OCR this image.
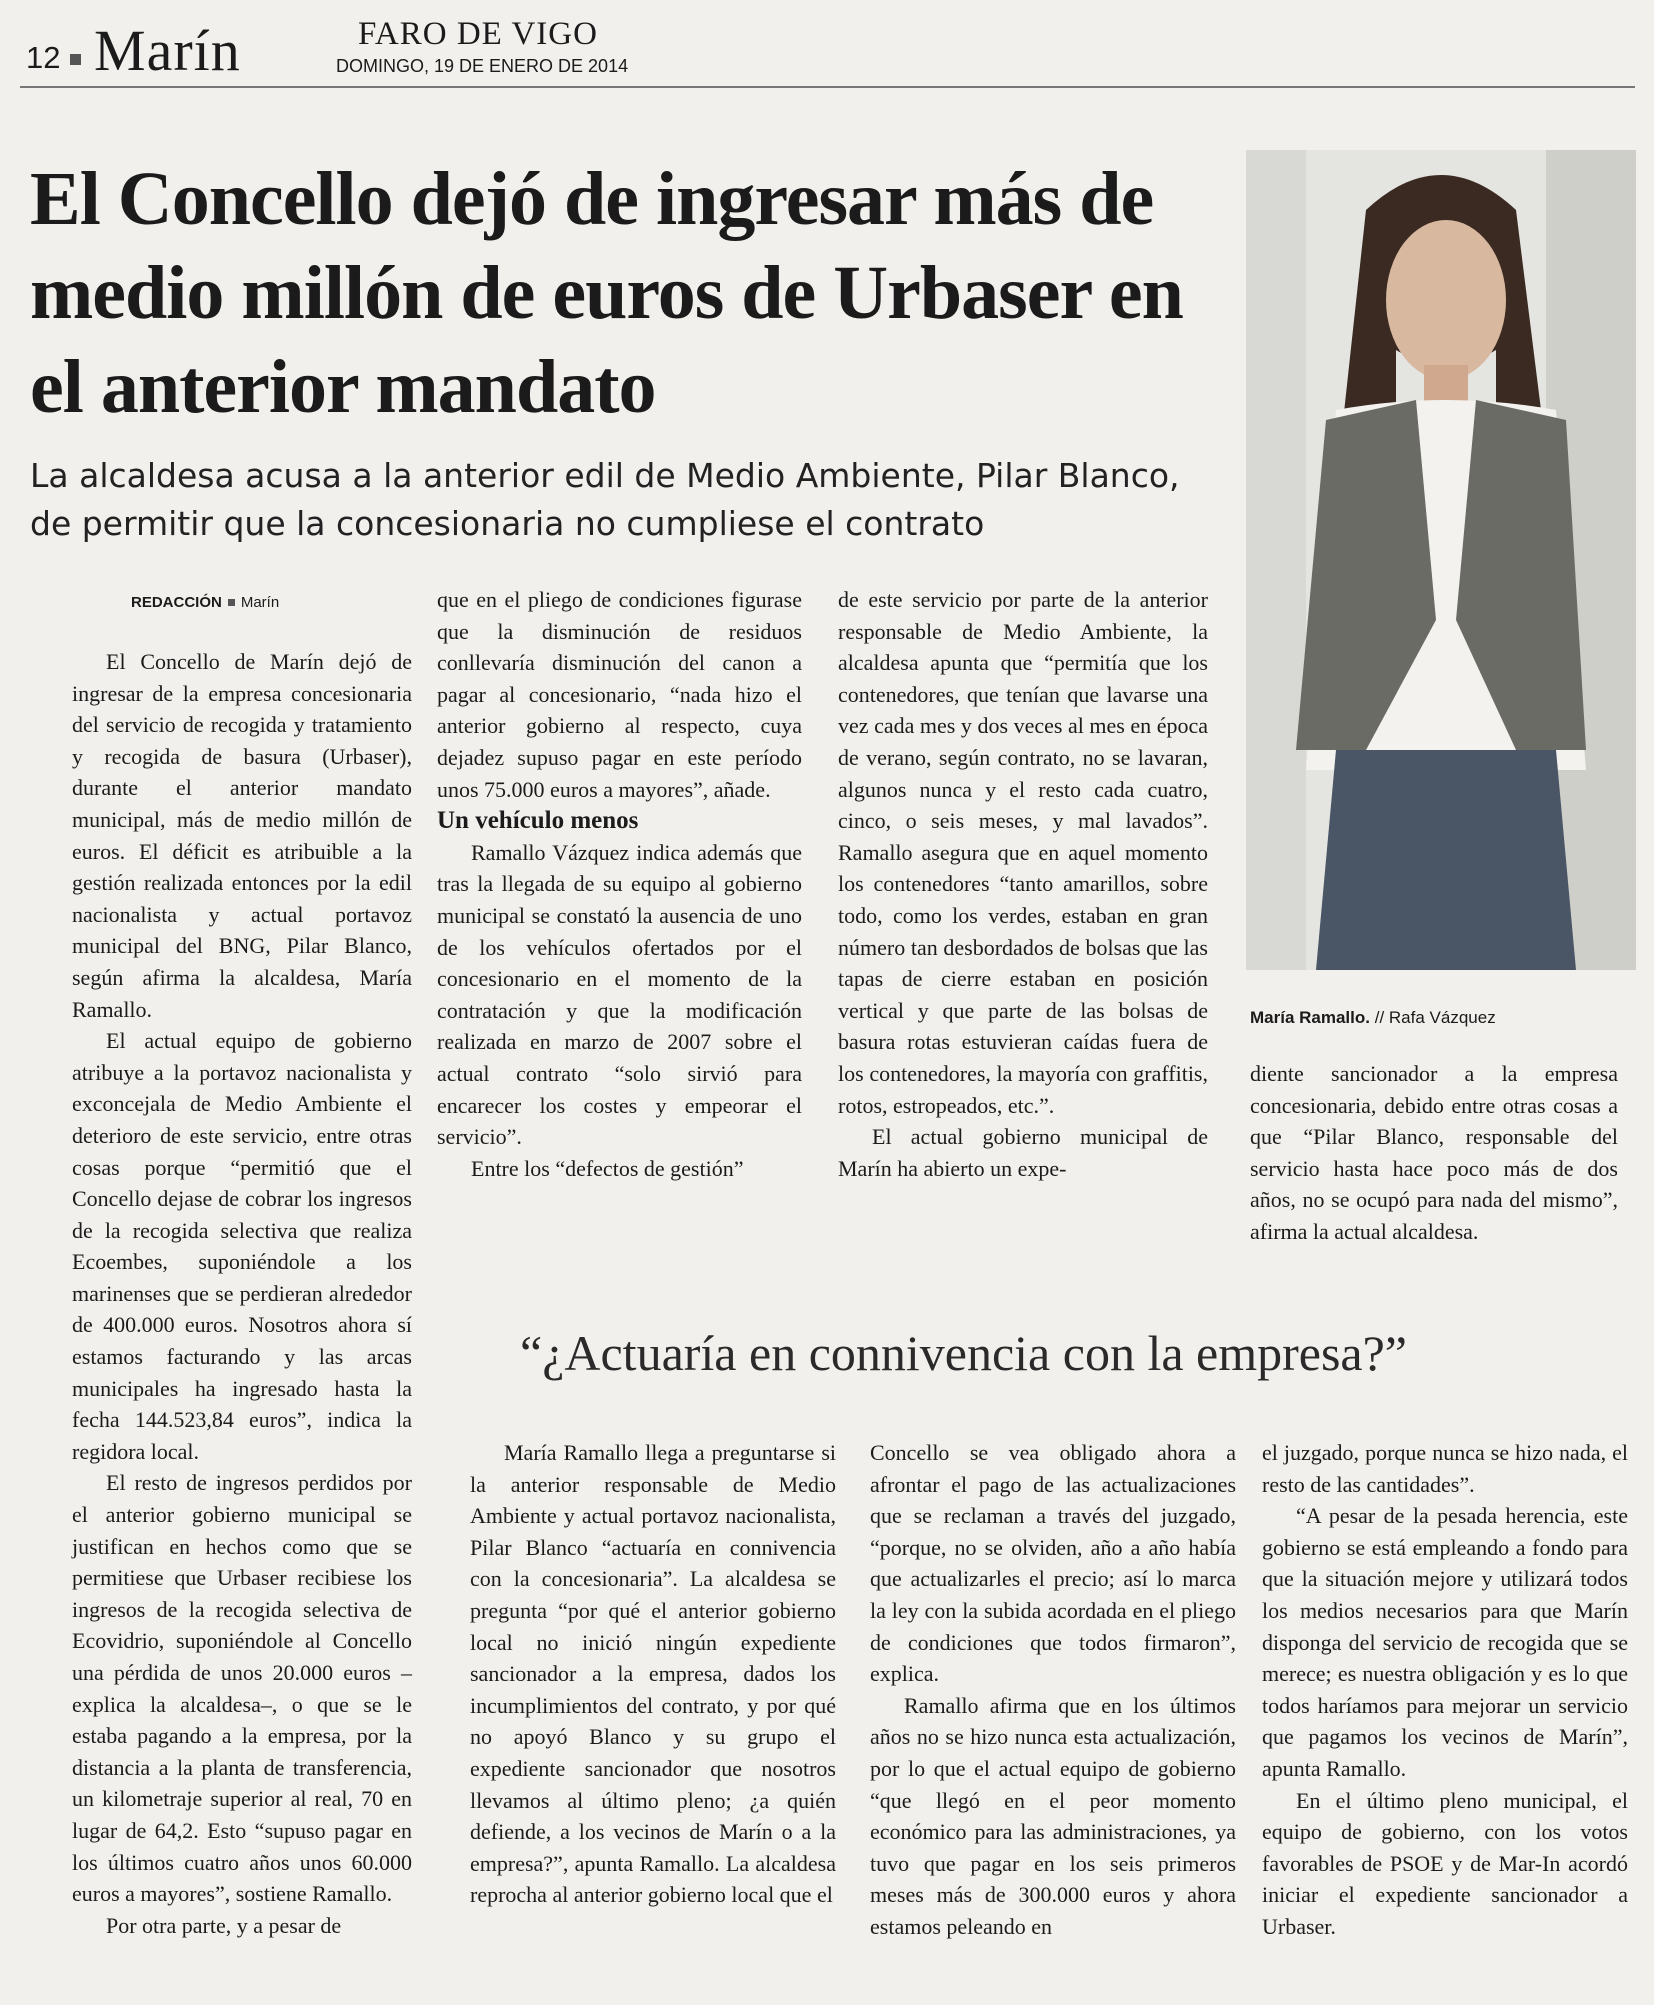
12 Marín	FARO DE VIGO
DOMINGO, 19 DE ENERO DE 2014
El Concello dejó de ingresar más de medio millón de euros de Urbaser en el anterior mandato
La alcaldesa acusa a la anterior edil de Medio Ambiente, Pilar Blanco, de permitir que la concesionaria no cumpliese el contrato
María Ramallo. // Rafa Vázquez
REDACCIÓN Marín

El Concello de Marín dejó de ingresar de la empresa concesionaria del servicio de recogida y tratamiento y recogida de basura (Urbaser), durante el anterior mandato municipal, más de medio millón de euros. El déficit es atribuible a la gestión realizada entonces por la edil nacionalista y actual portavoz municipal del BNG, Pilar Blanco, según afirma la alcaldesa, María Ramallo.

El actual equipo de gobierno atribuye a la portavoz nacionalista y exconcejala de Medio Ambiente el deterioro de este servicio, entre otras cosas porque “permitió que el Concello dejase de cobrar los ingresos de la recogida selectiva que realiza Ecoembes, suponiéndole a los marinenses que se perdieran alrededor de 400.000 euros. Nosotros ahora sí estamos facturando y las arcas municipales ha ingresado hasta la fecha 144.523,84 euros”, indica la regidora local.

El resto de ingresos perdidos por el anterior gobierno municipal se justifican en hechos como que se permitiese que Urbaser recibiese los ingresos de la recogida selectiva de Ecovidrio, suponiéndole al Concello una pérdida de unos 20.000 euros –explica la alcaldesa–, o que se le estaba pagando a la empresa, por la distancia a la planta de transferencia, un kilometraje superior al real, 70 en lugar de 64,2. Esto “supuso pagar en los últimos cuatro años unos 60.000 euros a mayores”, sostiene Ramallo.

Por otra parte, y a pesar de

que en el pliego de condiciones figurase que la disminución de residuos conllevaría disminución del canon a pagar al concesionario, “nada hizo el anterior gobierno al respecto, cuya dejadez supuso pagar en este período unos 75.000 euros a mayores”, añade.

Un vehículo menos

Ramallo Vázquez indica además que tras la llegada de su equipo al gobierno municipal se constató la ausencia de uno de los vehículos ofertados por el concesionario en el momento de la contratación y que la modificación realizada en marzo de 2007 sobre el actual contrato “solo sirvió para encarecer los costes y empeorar el servicio”.

Entre los “defectos de gestión”

de este servicio por parte de la anterior responsable de Medio Ambiente, la alcaldesa apunta que “permitía que los contenedores, que tenían que lavarse una vez cada mes y dos veces al mes en época de verano, según contrato, no se lavaran, algunos nunca y el resto cada cuatro, cinco, o seis meses, y mal lavados”. Ramallo asegura que en aquel momento los contenedores “tanto amarillos, sobre todo, como los verdes, estaban en gran número tan desbordados de bolsas que las tapas de cierre estaban en posición vertical y que parte de las bolsas de basura rotas estuvieran caídas fuera de los contenedores, la mayoría con graffitis, rotos, estropeados, etc.”.

El actual gobierno municipal de Marín ha abierto un expe-

diente sancionador a la empresa concesionaria, debido entre otras cosas a que “Pilar Blanco, responsable del servicio hasta hace poco más de dos años, no se ocupó para nada del mismo”, afirma la actual alcaldesa.

“¿Actuaría en connivencia con la empresa?”

María Ramallo llega a preguntarse si la anterior responsable de Medio Ambiente y actual portavoz nacionalista, Pilar Blanco “actuaría en connivencia con la concesionaria”. La alcaldesa se pregunta “por qué el anterior gobierno local no inició ningún expediente sancionador a la empresa, dados los incumplimientos del contrato, y por qué no apoyó Blanco y su grupo el expediente sancionador que nosotros llevamos al último pleno; ¿a quién defiende, a los vecinos de Marín o a la empresa?”, apunta Ramallo. La alcaldesa reprocha al anterior gobierno local que el

Concello se vea obligado ahora a afrontar el pago de las actualizaciones que se reclaman a través del juzgado, “porque, no se olviden, año a año había que actualizarles el precio; así lo marca la ley con la subida acordada en el pliego de condiciones que todos firmaron”, explica.

Ramallo afirma que en los últimos años no se hizo nunca esta actualización, por lo que el actual equipo de gobierno “que llegó en el peor momento económico para las administraciones, ya tuvo que pagar en los seis primeros meses más de 300.000 euros y ahora estamos peleando en

el juzgado, porque nunca se hizo nada, el resto de las cantidades”.

“A pesar de la pesada herencia, este gobierno se está empleando a fondo para que la situación mejore y utilizará todos los medios necesarios para que Marín disponga del servicio de recogida que se merece; es nuestra obligación y es lo que todos haríamos para mejorar un servicio que pagamos los vecinos de Marín”, apunta Ramallo.

En el último pleno municipal, el equipo de gobierno, con los votos favorables de PSOE y de Mar-In acordó iniciar el expediente sancionador a Urbaser.
